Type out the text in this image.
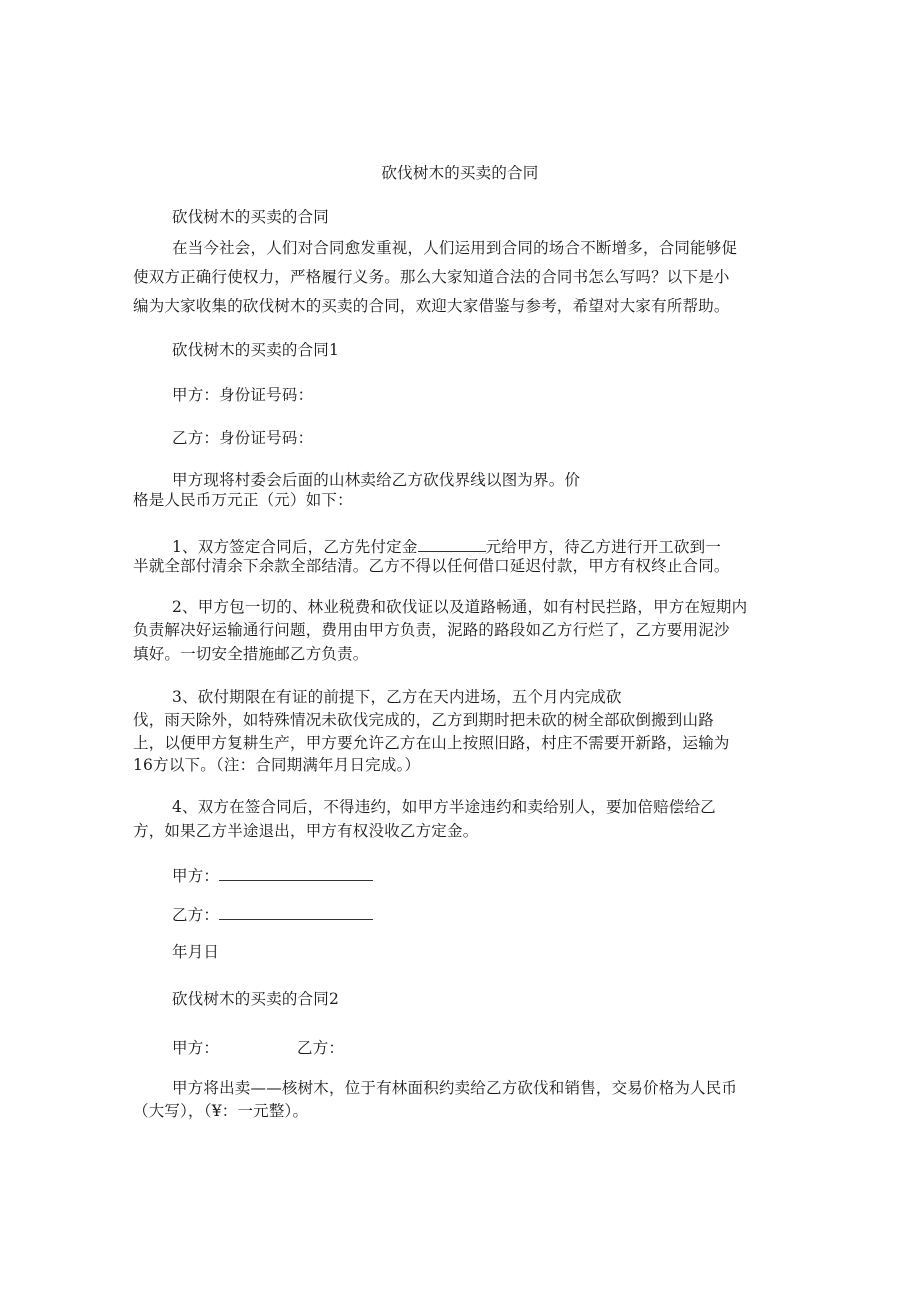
砍伐树木的买卖的合同
砍伐树木的买卖的合同
在当今社会，人们对合同愈发重视，人们运用到合同的场合不断增多，合同能够促
使双方正确行使权力，严格履行义务。那么大家知道合法的合同书怎么写吗？以下是小
编为大家收集的砍伐树木的买卖的合同，欢迎大家借鉴与参考，希望对大家有所帮助。
砍伐树木的买卖的合同1
甲方：身份证号码：
乙方：身份证号码：
甲方现将村委会后面的山林卖给乙方砍伐界线以图为界。价
格是人民币万元正（元）如下：
1、双方签定合同后，乙方先付定金	元给甲方，待乙方进行开工砍到一
半就全部付清余下余款全部结清。乙方不得以任何借口延迟付款，甲方有权终止合同。
2、甲方包一切的、林业税费和砍伐证以及道路畅通，如有村民拦路，甲方在短期内
负责解决好运输通行问题，费用由甲方负责，泥路的路段如乙方行烂了，乙方要用泥沙
填好。一切安全措施邮乙方负责。
3、砍付期限在有证的前提下，乙方在天内进场，五个月内完成砍
伐，雨天除外，如特殊情况未砍伐完成的，乙方到期时把未砍的树全部砍倒搬到山路
上，以便甲方复耕生产，甲方要允许乙方在山上按照旧路，村庄不需要开新路，运输为
16方以下。（注：合同期满年月日完成。）
4、双方在签合同后，不得违约，如甲方半途违约和卖给别人，要加倍赔偿给乙
方，如果乙方半途退出，甲方有权没收乙方定金。
甲方：
乙方：
年月日
砍伐树木的买卖的合同2
甲方：	乙方：
甲方将出卖——核树木，位于有林面积约卖给乙方砍伐和销售，交易价格为人民币
（大写），（¥：一元整）。
